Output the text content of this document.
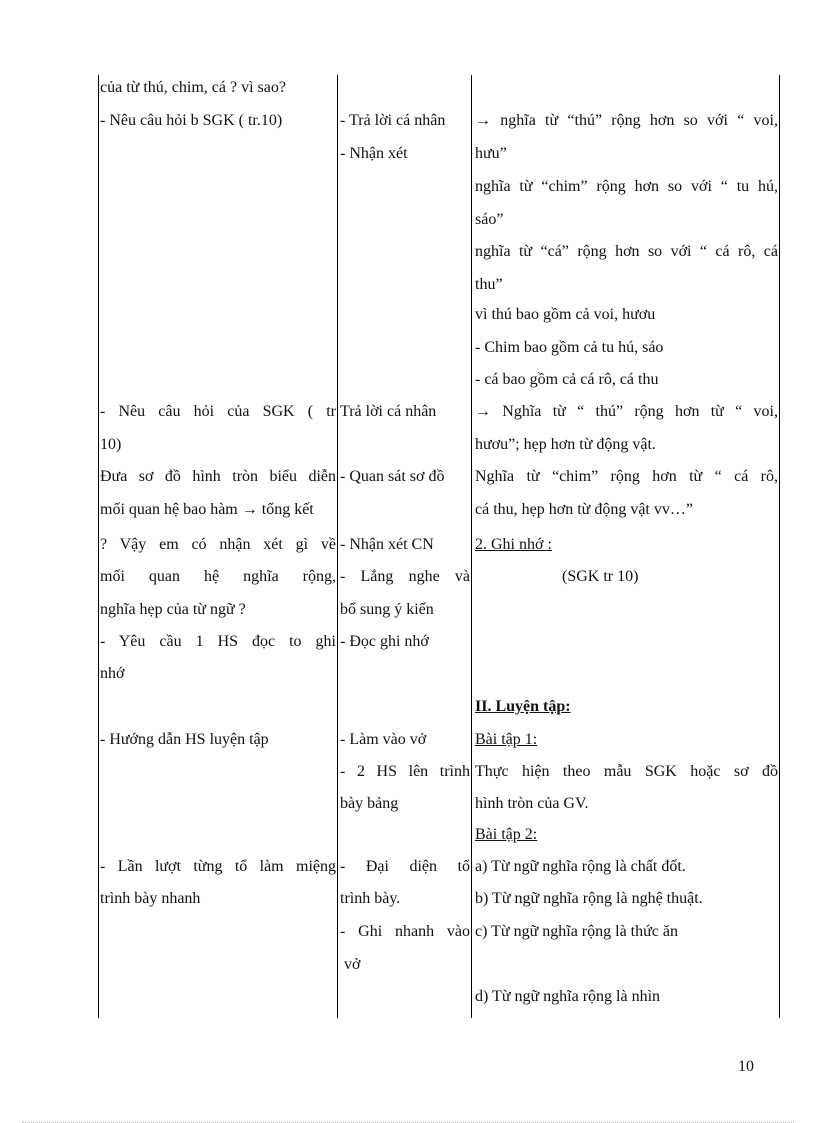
của từ thú, chim, cá ? vì sao?
- Nêu câu hỏi b SGK ( tr.10)
- Nêu câu hỏi của SGK ( tr
10)
Đưa sơ đồ hình tròn biểu diễn
mối quan hệ bao hàm → tổng kết
? Vậy em có nhận xét gì về
mối quan hệ nghĩa rộng,
nghĩa hẹp của từ ngữ ?
- Yêu cầu 1 HS đọc to ghi
nhớ
- Hướng dẫn HS luyện tập
- Lần lượt từng tổ làm miệng
trình bày nhanh
- Trả lời cá nhân
- Nhận xét
Trả lời cá nhân
- Quan sát sơ đồ
- Nhận xét CN
- Lắng nghe và
bổ sung ý kiến
- Đọc ghi nhớ
- Làm vào vở
- 2 HS lên trình
bày bảng
- Đại diện tổ
trình bày.
- Ghi nhanh vào
vở
→ nghĩa từ “thú” rộng hơn so với “ voi,
hưu”
nghĩa từ “chim” rộng hơn so với “ tu hú,
sáo”
nghĩa từ “cá” rộng hơn so với “ cá rô, cá
thu”
vì thú bao gồm cả voi, hươu
- Chim bao gồm cả tu hú, sáo
- cá bao gồm cả cá rô, cá thu
→ Nghĩa từ “ thú” rộng hơn từ “ voi,
hươu”; hẹp hơn từ động vật.
Nghĩa từ “chim” rộng hơn từ “ cá rô,
cá thu, hẹp hơn từ động vật vv…”
2. Ghi nhớ :
(SGK tr 10)
II. Luyện tập:
Bài tập 1:
Thực hiện theo mẫu SGK hoặc sơ đồ
hình tròn của GV.
Bài tập 2:
a) Từ ngữ nghĩa rộng là chất đốt.
b) Từ ngữ nghĩa rộng là nghệ thuật.
c) Từ ngữ nghĩa rộng là thức ăn
d) Từ ngữ nghĩa rộng là nhìn
10
